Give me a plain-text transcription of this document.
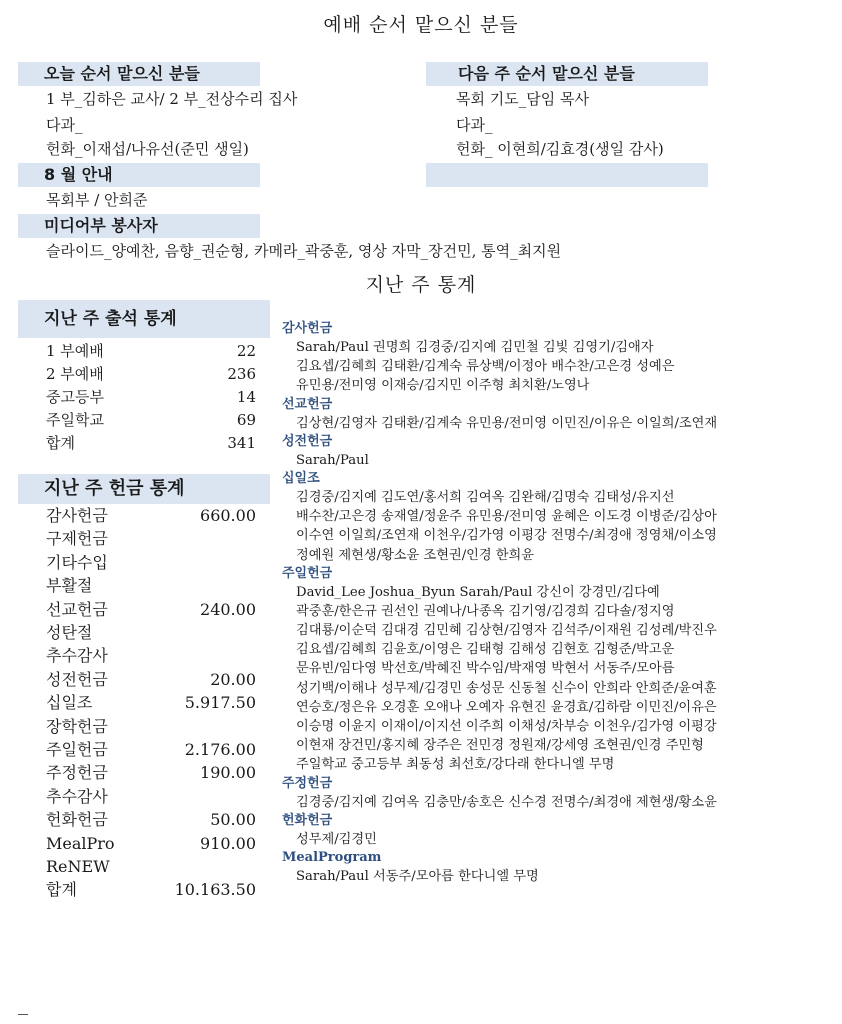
예배 순서 맡으신 분들
오늘 순서 맡으신 분들
1 부_김하은 교사/ 2 부_전상수리 집사
다과_
헌화_이재섭/나유선(준민 생일)
다음 주 순서 맡으신 분들
목회 기도_담임 목사
다과_
헌화_ 이현희/김효경(생일 감사)
8 월 안내
목회부 / 안희준
미디어부 봉사자
슬라이드_양예찬, 음향_권순형, 카메라_곽중훈, 영상 자막_장건민, 통역_최지원
지난 주 통계
지난 주 출석 통계
1 부예배	22
2 부예배	236
중고등부	14
주일학교	69
합계	341
지난 주 헌금 통계
감사헌금	660.00
구제헌금
기타수입
부활절
선교헌금	240.00
성탄절
추수감사
성전헌금	20.00
십일조	5.917.50
장학헌금
주일헌금	2.176.00
주정헌금	190.00
추수감사
헌화헌금	50.00
MealPro	910.00
ReNEW
합계	10.163.50
감사헌금
Sarah/Paul 권명희 김경중/김지예 김민철 김빛 김영기/김애자
김요셉/김혜희 김태환/김계숙 류상백/이정아 배수찬/고은경 성예은
유민용/전미영 이재승/김지민 이주형 최치환/노영나
선교헌금
김상현/김영자 김태환/김계숙 유민용/전미영 이민진/이유은 이일희/조연재
성전헌금
Sarah/Paul
십일조
김경중/김지예 김도연/홍서희 김여옥 김완해/김명숙 김태성/유지선
배수찬/고은경 송재열/정윤주 유민용/전미영 윤혜은 이도경 이병준/김상아
이수연 이일희/조연재 이천우/김가영 이평강 전명수/최경애 정영채/이소영
정예원 제현생/황소윤 조현권/인경 한희윤
주일헌금
David_Lee Joshua_Byun Sarah/Paul 강신이 강경민/김다예
곽중훈/한은규 권선인 권예나/나종옥 김기영/김경희 김다솔/정지영
김대룡/이순덕 김대경 김민혜 김상현/김영자 김석주/이재원 김성례/박진우
김요셉/김혜희 김윤호/이영은 김태형 김해성 김현호 김형준/박고운
문유빈/임다영 박선호/박혜진 박수임/박재영 박현서 서동주/모아름
성기백/이해나 성무제/김경민 송성문 신동철 신수이 안희라 안희준/윤여훈
연승호/정은유 오경훈 오애나 오예자 유현진 윤경효/김하람 이민진/이유은
이승명 이윤지 이재이/이지선 이주희 이채성/차부승 이천우/김가영 이평강
이현재 장건민/홍지혜 장주은 전민경 정원재/강세영 조현권/인경 주민형
주일학교 중고등부 최동성 최선호/강다래 한다니엘 무명
주정헌금
김경중/김지예 김여옥 김충만/송호은 신수경 전명수/최경애 제현생/황소윤
헌화헌금
성무제/김경민
MealProgram
Sarah/Paul 서동주/모아름 한다니엘 무명
